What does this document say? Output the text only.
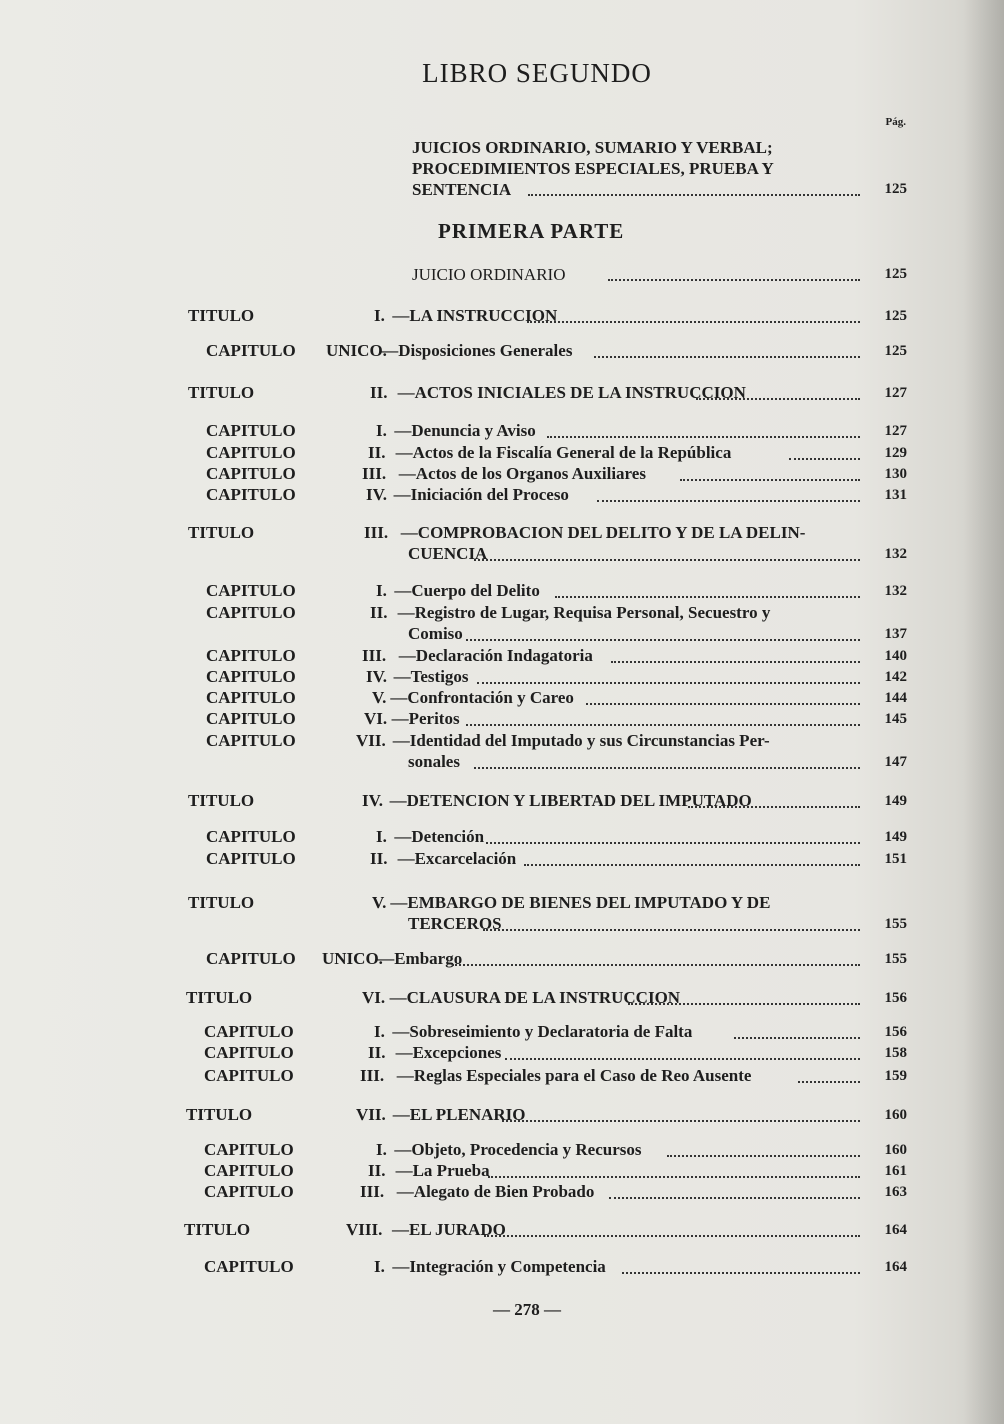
LIBRO SEGUNDO
Pág.
JUICIOS ORDINARIO, SUMARIO Y VERBAL;
PROCEDIMIENTOS ESPECIALES, PRUEBA Y
SENTENCIA	125
PRIMERA PARTE
JUICIO ORDINARIO	125
TITULO	I. —LA INSTRUCCION	125
CAPITULO UNICO.
—Disposiciones Generales	125
TITULO	II. —ACTOS INICIALES DE LA INSTRUCCION	127
CAPITULO	I. —Denuncia y Aviso	127
CAPITULO	II. —Actos de la Fiscalía General de la República	129
CAPITULO	III. —Actos de los Organos Auxiliares	130
CAPITULO	IV. —Iniciación del Proceso	131
TITULO	III. —COMPROBACION DEL DELITO Y DE LA DELIN-
CUENCIA	132
CAPITULO	I. —Cuerpo del Delito	132
CAPITULO	II. —Registro de Lugar, Requisa Personal, Secuestro y
Comiso	137
CAPITULO	III. —Declaración Indagatoria	140
CAPITULO	IV. —Testigos	142
CAPITULO	V. —Confrontación y Careo	144
CAPITULO	VI. —Peritos	145
CAPITULO	VII. —Identidad del Imputado y sus Circunstancias Per-
sonales	147
TITULO	IV. —DETENCION Y LIBERTAD DEL IMPUTADO	149
CAPITULO	I. —Detención	149
CAPITULO	II. —Excarcelación	151
TITULO	V. —EMBARGO DE BIENES DEL IMPUTADO Y DE
TERCEROS	155
CAPITULO UNICO.
—Embargo	155
TITULO	VI. —CLAUSURA DE LA INSTRUCCION	156
CAPITULO	I. —Sobreseimiento y Declaratoria de Falta	156
CAPITULO	II. —Excepciones	158
CAPITULO	III. —Reglas Especiales para el Caso de Reo Ausente	159
TITULO	VII. —EL PLENARIO	160
CAPITULO	I. —Objeto, Procedencia y Recursos	160
CAPITULO	II. —La Prueba	161
CAPITULO	III. —Alegato de Bien Probado	163
TITULO	VIII. —EL JURADO	164
CAPITULO	I. —Integración y Competencia	164
— 278 —
